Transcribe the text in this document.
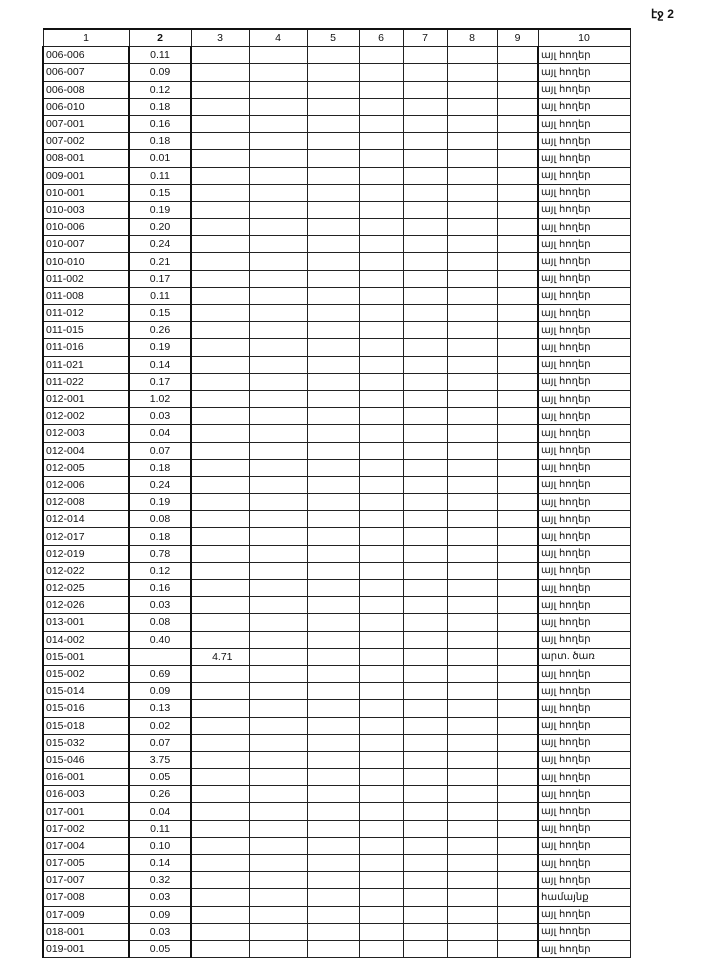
էջ 2
1	2	3	4	5	6	7	8	9	10
006-006	0.11								այլ հողեր
006-007	0.09								այլ հողեր
006-008	0.12								այլ հողեր
006-010	0.18								այլ հողեր
007-001	0.16								այլ հողեր
007-002	0.18								այլ հողեր
008-001	0.01								այլ հողեր
009-001	0.11								այլ հողեր
010-001	0.15								այլ հողեր
010-003	0.19								այլ հողեր
010-006	0.20								այլ հողեր
010-007	0.24								այլ հողեր
010-010	0.21								այլ հողեր
011-002	0.17								այլ հողեր
011-008	0.11								այլ հողեր
011-012	0.15								այլ հողեր
011-015	0.26								այլ հողեր
011-016	0.19								այլ հողեր
011-021	0.14								այլ հողեր
011-022	0.17								այլ հողեր
012-001	1.02								այլ հողեր
012-002	0.03								այլ հողեր
012-003	0.04								այլ հողեր
012-004	0.07								այլ հողեր
012-005	0.18								այլ հողեր
012-006	0.24								այլ հողեր
012-008	0.19								այլ հողեր
012-014	0.08								այլ հողեր
012-017	0.18								այլ հողեր
012-019	0.78								այլ հողեր
012-022	0.12								այլ հողեր
012-025	0.16								այլ հողեր
012-026	0.03								այլ հողեր
013-001	0.08								այլ հողեր
014-002	0.40								այլ հողեր
015-001		4.71							արտ. ծառ
015-002	0.69								այլ հողեր
015-014	0.09								այլ հողեր
015-016	0.13								այլ հողեր
015-018	0.02								այլ հողեր
015-032	0.07								այլ հողեր
015-046	3.75								այլ հողեր
016-001	0.05								այլ հողեր
016-003	0.26								այլ հողեր
017-001	0.04								այլ հողեր
017-002	0.11								այլ հողեր
017-004	0.10								այլ հողեր
017-005	0.14								այլ հողեր
017-007	0.32								այլ հողեր
017-008	0.03								համայնք
017-009	0.09								այլ հողեր
018-001	0.03								այլ հողեր
019-001	0.05								այլ հողեր
